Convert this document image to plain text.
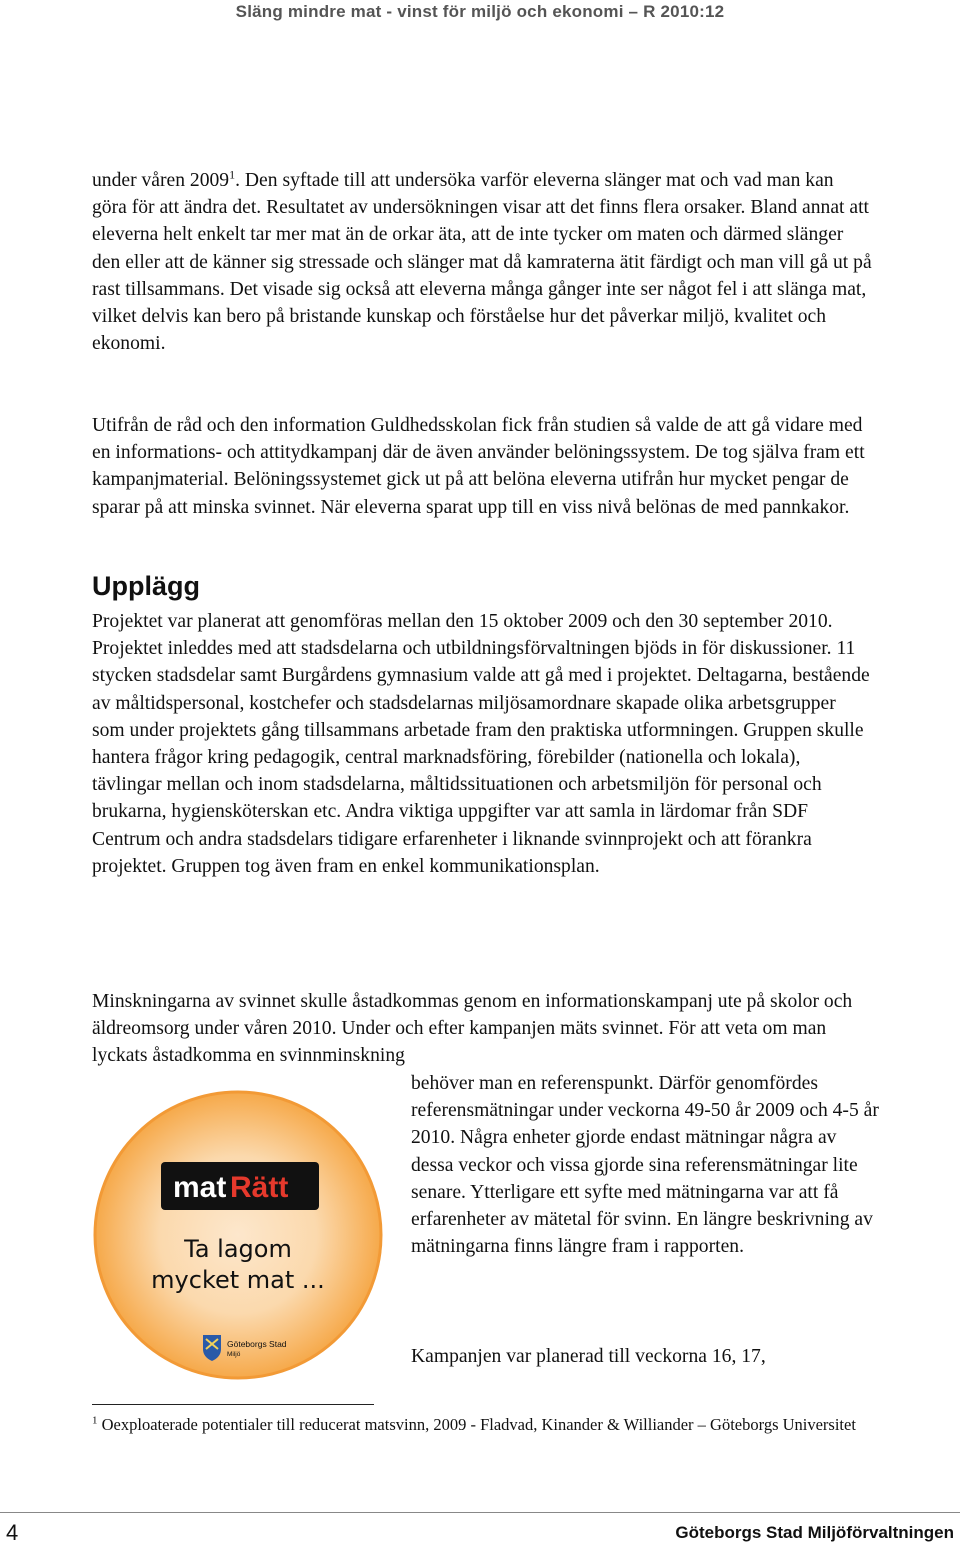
Släng mindre mat - vinst för miljö och ekonomi – R 2010:12

under våren 2009$^1$. Den syftade till att undersöka varför eleverna slänger mat och vad man kan göra för att ändra det. Resultatet av undersökningen visar att det finns flera orsaker. Bland annat att eleverna helt enkelt tar mer mat än de orkar äta, att de inte tycker om maten och därmed slänger den eller att de känner sig stressade och slänger mat då kamraterna ätit färdigt och man vill gå ut på rast tillsammans. Det visade sig också att eleverna många gånger inte ser något fel i att slänga mat, vilket delvis kan bero på bristande kunskap och förståelse hur det påverkar miljö, kvalitet och ekonomi.

Utifrån de råd och den information Guldhedsskolan fick från studien så valde de att gå vidare med en informations- och attitydkampanj där de även använder belöningssystem. De tog själva fram ett kampanjmaterial. Belöningssystemet gick ut på att belöna eleverna utifrån hur mycket pengar de sparar på att minska svinnet. När eleverna sparat upp till en viss nivå belönas de med pannkakor.

Upplägg

Projektet var planerat att genomföras mellan den 15 oktober 2009 och den 30 september 2010. Projektet inleddes med att stadsdelarna och utbildningsförvaltningen bjöds in för diskussioner. 11 stycken stadsdelar samt Burgårdens gymnasium valde att gå med i projektet. Deltagarna, bestående av måltidspersonal, kostchefer och stadsdelarnas miljösamordnare skapade olika arbetsgrupper som under projektets gång tillsammans arbetade fram den praktiska utformningen. Gruppen skulle hantera frågor kring pedagogik, central marknadsföring, förebilder (nationella och lokala), tävlingar mellan och inom stadsdelarna, måltidssituationen och arbetsmiljön för personal och brukarna, hygiensköterskan etc. Andra viktiga uppgifter var att samla in lärdomar från SDF Centrum och andra stadsdelars tidigare erfarenheter i liknande svinnprojekt och att förankra projektet. Gruppen tog även fram en enkel kommunikationsplan.

Minskningarna av svinnet skulle åstadkommas genom en informationskampanj ute på skolor och äldreomsorg under våren 2010. Under och efter kampanjen mäts svinnet. För att veta om man lyckats åstadkomma en svinnminskning

behöver man en referenspunkt. Därför genomfördes referensmätningar under veckorna 49-50 år 2009 och 4-5 år 2010. Några enheter gjorde endast mätningar några av dessa veckor och vissa gjorde sina referensmätningar lite senare. Ytterligare ett syfte med mätningarna var att få erfarenheter av mätetal för svinn. En längre beskrivning av mätningarna finns längre fram i rapporten.

Kampanjen var planerad till veckorna 16, 17,

mat Rätt
Ta lagom
mycket mat ...
Göteborgs Stad
Miljö

$^1$ Oexploaterade potentialer till reducerat matsvinn, 2009 - Fladvad, Kinander & Williander – Göteborgs Universitet

4	Göteborgs Stad Miljöförvaltningen
